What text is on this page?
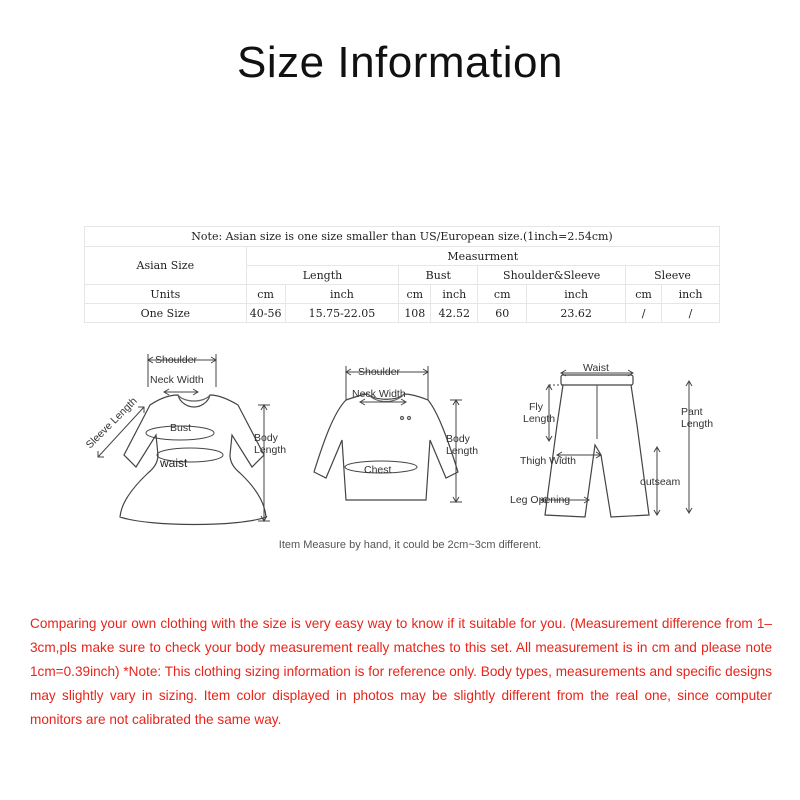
Size Information
Note: Asian size is one size smaller than US/European size.(1inch=2.54cm)								
Asian Size	Measurment							
	Length		Bust		Shoulder&Sleeve		Sleeve	
Units	cm	inch	cm	inch	cm	inch	cm	inch
One Size	40-56	15.75-22.05	108	42.52	60	23.62	/	/
Shoulder
Neck Width
Sleeve Length	Bust
waist
Body
Length
Shoulder
Neck Width
Chest
Body
Length
Waist
Fly
Length
Pant
Length
Thigh Width
outseam
Leg Opening
Item Measure by hand, it could be 2cm~3cm different.
Comparing your own clothing with the size is very easy way to know if it suitable for you. (Measurement difference from 1– 3cm,pls make sure to check your body measurement really matches to this set. All measurement is in cm and please note 1cm=0.39inch) *Note: This clothing sizing information is for reference only. Body types, measurements and specific designs may slightly vary in sizing. Item color displayed in photos may be slightly different from the real one, since computer monitors are not calibrated the same way.
